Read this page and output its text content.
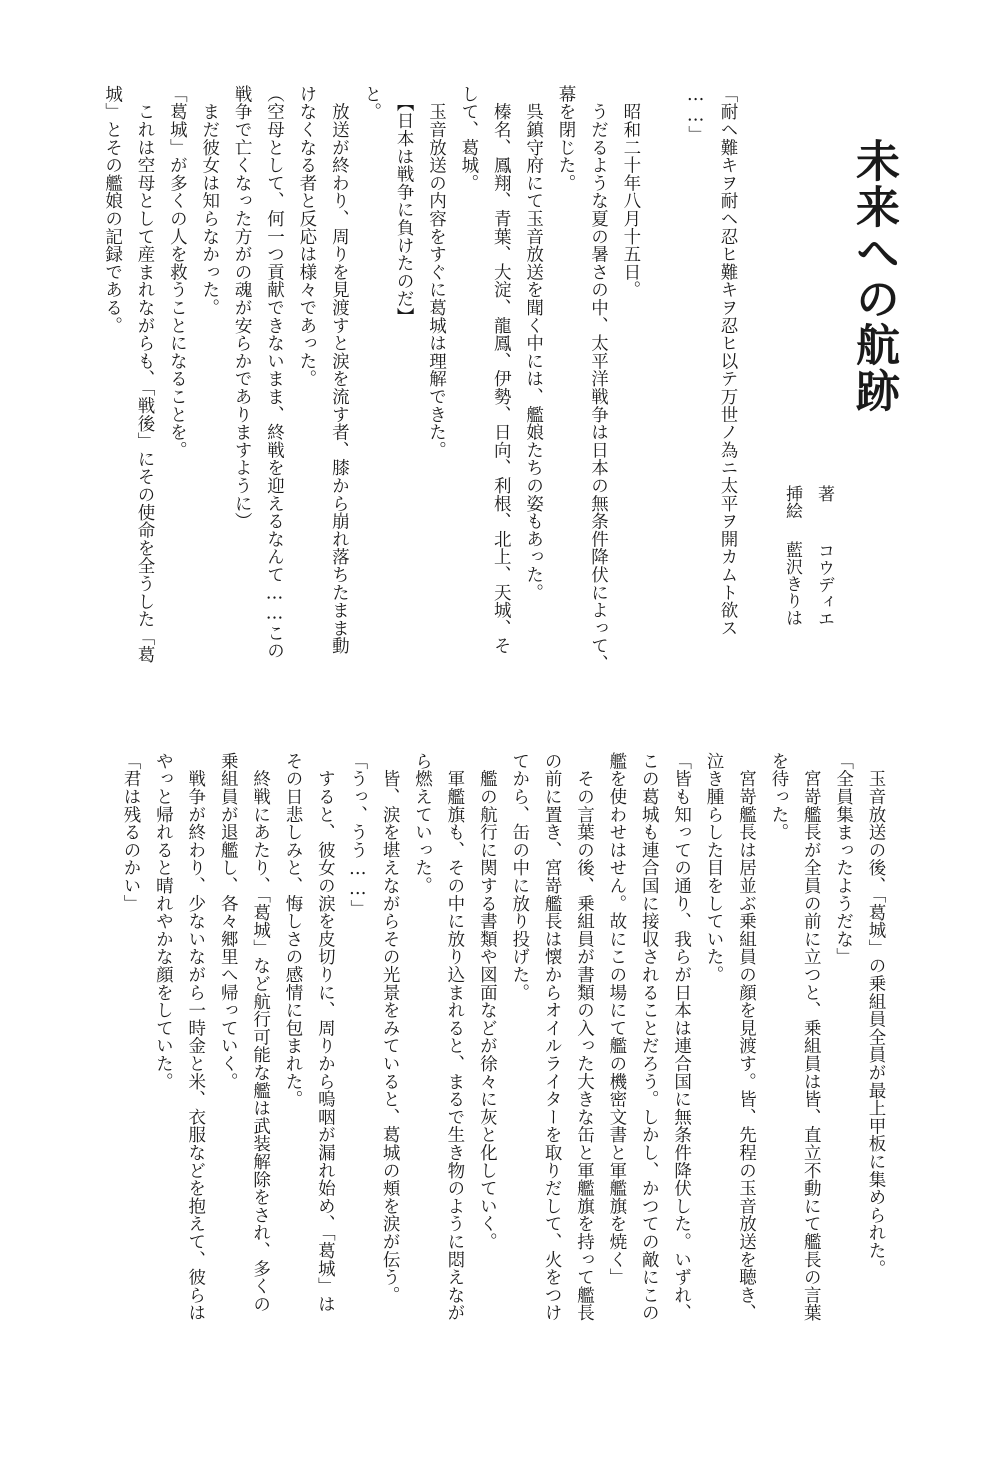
未来への航跡
著コウディエ
挿絵藍沢きりは
「耐ヘ難キヲ耐ヘ忍ヒ難キヲ忍ヒ以テ万世ノ為ニ太平ヲ開カムト欲ス
……」
　昭和二十年八月十五日。
　うだるような夏の暑さの中、太平洋戦争は日本の無条件降伏によって、
幕を閉じた。
　呉鎮守府にて玉音放送を聞く中には、艦娘たちの姿もあった。
　榛名、鳳翔、青葉、大淀、龍鳳、伊勢、日向、利根、北上、天城、そ
して、葛城。
　玉音放送の内容をすぐに葛城は理解できた。
　【日本は戦争に負けたのだ】
と。
　放送が終わり、周りを見渡すと涙を流す者、膝から崩れ落ちたまま動
けなくなる者と反応は様々であった。
（空母として、何一つ貢献できないまま、終戦を迎えるなんて……この
戦争で亡くなった方がの魂が安らかでありますように）
　まだ彼女は知らなかった。
「葛城」が多くの人を救うことになることを。
　これは空母として産まれながらも、「戦後」にその使命を全うした「葛
城」とその艦娘の記録である。
　玉音放送の後、「葛城」の乗組員全員が最上甲板に集められた。
「全員集まったようだな」
　宮嵜艦長が全員の前に立つと、乗組員は皆、直立不動にて艦長の言葉
を待った。
　宮嵜艦長は居並ぶ乗組員の顔を見渡す。皆、先程の玉音放送を聴き、
泣き腫らした目をしていた。
「皆も知っての通り、我らが日本は連合国に無条件降伏した。いずれ、
この葛城も連合国に接収されることだろう。しかし、かつての敵にこの
艦を使わせはせん。故にこの場にて艦の機密文書と軍艦旗を焼く」
　その言葉の後、乗組員が書類の入った大きな缶と軍艦旗を持って艦長
の前に置き、宮嵜艦長は懐からオイルライターを取りだして、火をつけ
てから、缶の中に放り投げた。
　艦の航行に関する書類や図面などが徐々に灰と化していく。
　軍艦旗も、その中に放り込まれると、まるで生き物のように悶えなが
ら燃えていった。
　皆、涙を堪えながらその光景をみていると、葛城の頬を涙が伝う。
「うっ、うう……」
　すると、彼女の涙を皮切りに、周りから嗚咽が漏れ始め、「葛城」は
その日悲しみと、悔しさの感情に包まれた。
　終戦にあたり、「葛城」など航行可能な艦は武装解除をされ、多くの
乗組員が退艦し、各々郷里へ帰っていく。
　戦争が終わり、少ないながら一時金と米、衣服などを抱えて、彼らは
やっと帰れると晴れやかな顔をしていた。
「君は残るのかい」
